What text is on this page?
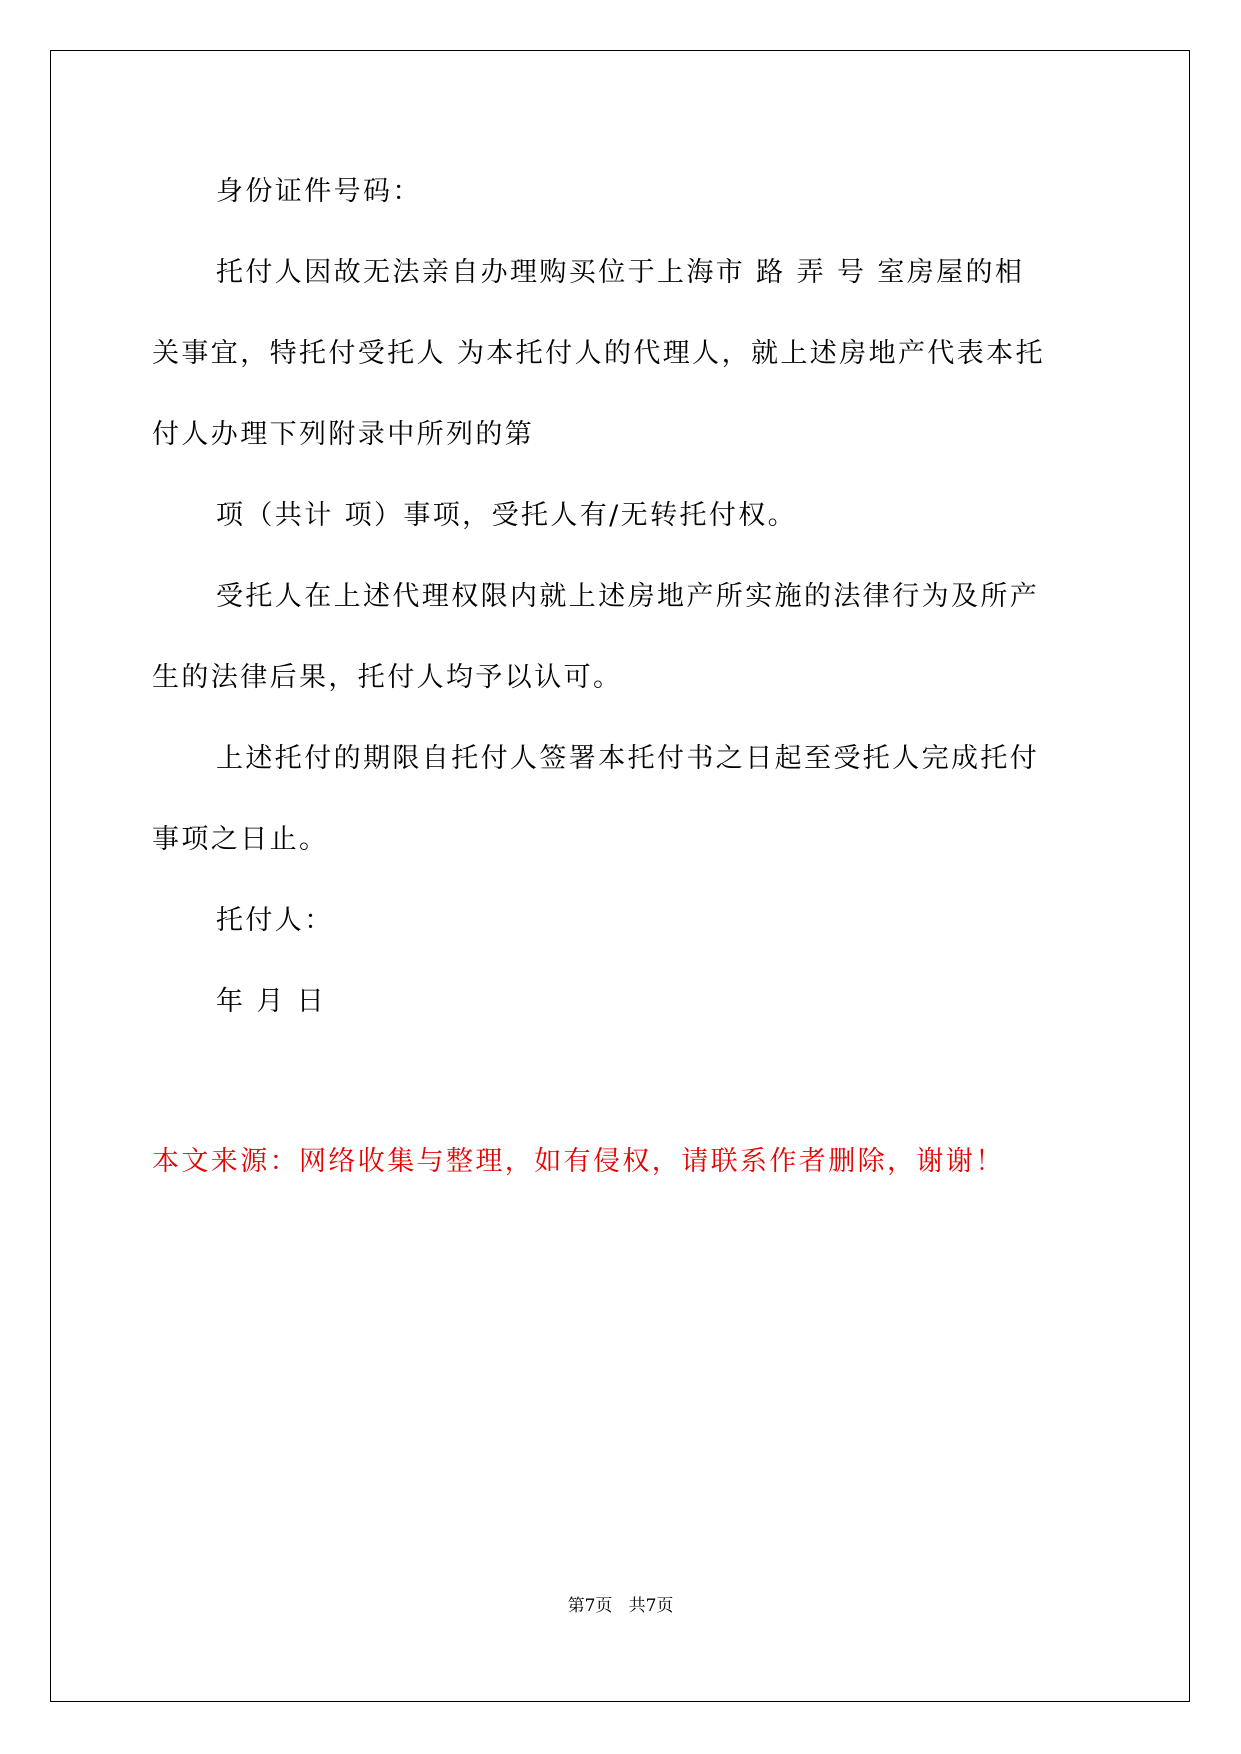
身份证件号码：
托付人因故无法亲自办理购买位于上海市 路 弄 号 室房屋的相
关事宜，特托付受托人 为本托付人的代理人，就上述房地产代表本托
付人办理下列附录中所列的第
项（共计 项）事项，受托人有/无转托付权。
受托人在上述代理权限内就上述房地产所实施的法律行为及所产
生的法律后果，托付人均予以认可。
上述托付的期限自托付人签署本托付书之日起至受托人完成托付
事项之日止。
托付人：
年 月 日
本文来源：网络收集与整理，如有侵权，请联系作者删除，谢谢！
第7页   共7页
